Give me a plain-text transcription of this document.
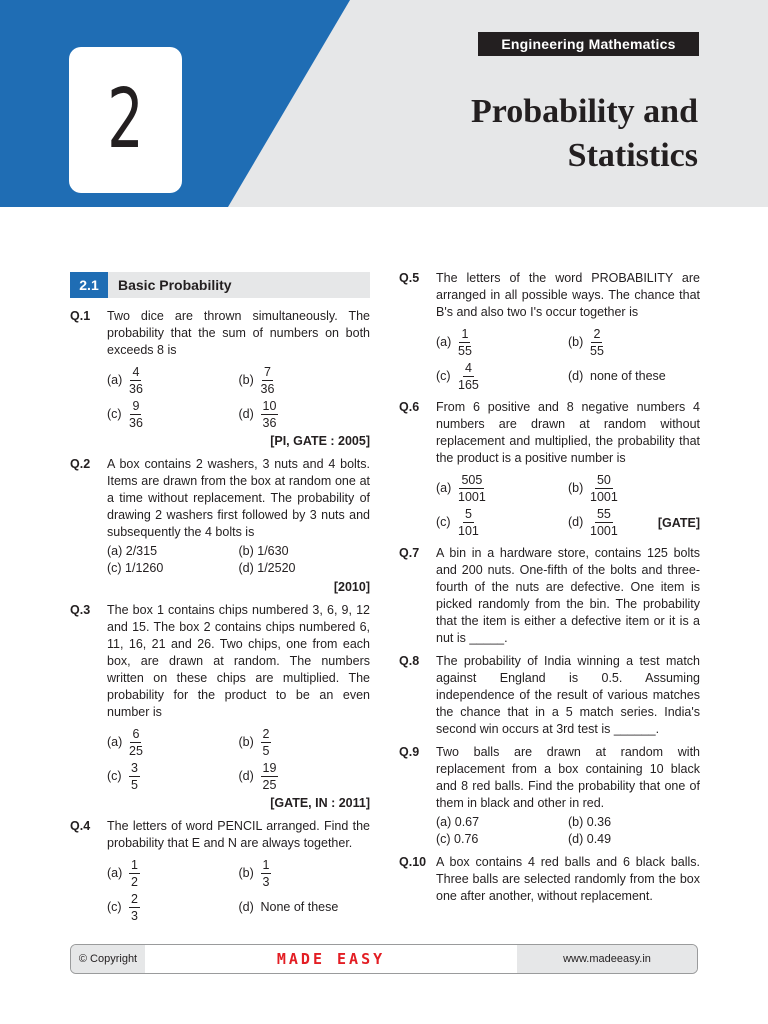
2
Engineering Mathematics
Probability and
Statistics
2.1	Basic Probability
Q.1	Two dice are thrown simultaneously. The probability that the sum of numbers on both exceeds 8 is
$(a) \frac{4}{36}$	$(b) \frac{7}{36}$
$(c) \frac{9}{36}$	$(d) \frac{10}{36}$
[PI, GATE : 2005]
Q.2	A box contains 2 washers, 3 nuts and 4 bolts. Items are drawn from the box at random one at a time without replacement. The probability of drawing 2 washers first followed by 3 nuts and subsequently the 4 bolts is
(a) 2/315	(b) 1/630
(c) 1/1260	(d) 1/2520
[2010]
Q.3	The box 1 contains chips numbered 3, 6, 9, 12 and 15. The box 2 contains chips numbered 6, 11, 16, 21 and 26. Two chips, one from each box, are drawn at random. The numbers written on these chips are multiplied. The probability for the product to be an even number is
$(a) \frac{6}{25}$	$(b) \frac{2}{5}$
$(c) \frac{3}{5}$	$(d) \frac{19}{25}$
[GATE, IN : 2011]
Q.4	The letters of word PENCIL arranged. Find the probability that E and N are always together.
$(a) \frac{1}{2}$	$(b) \frac{1}{3}$
$(c) \frac{2}{3}$	(d) None of these
Q.5	The letters of the word PROBABILITY are arranged in all possible ways. The chance that B's and also two I's occur together is
$(a) \frac{1}{55}$	$(b) \frac{2}{55}$
$(c) \frac{4}{165}$	(d) none of these
Q.6	From 6 positive and 8 negative numbers 4 numbers are drawn at random without replacement and multiplied, the probability that the product is a positive number is
$(a) \frac{505}{1001}$	$(b) \frac{50}{1001}$
$(c) \frac{5}{101}$	$(d) \frac{55}{1001}$	[GATE]
Q.7	A bin in a hardware store, contains 125 bolts and 200 nuts. One-fifth of the bolts and three-fourth of the nuts are defective. One item is picked randomly from the bin. The probability that the item is either a defective item or it is a nut is _____.
Q.8	The probability of India winning a test match against England is 0.5. Assuming independence of the result of various matches the chance that in a 5 match series. India's second win occurs at 3rd test is ______.
Q.9	Two balls are drawn at random with replacement from a box containing 10 black and 8 red balls. Find the probability that one of them in black and other in red.
(a) 0.67	(b) 0.36
(c) 0.76	(d) 0.49
Q.10 A box contains 4 red balls and 6 black balls. Three balls are selected randomly from the box one after another, without replacement.
© Copyright	MADE EASY	www.madeeasy.in
